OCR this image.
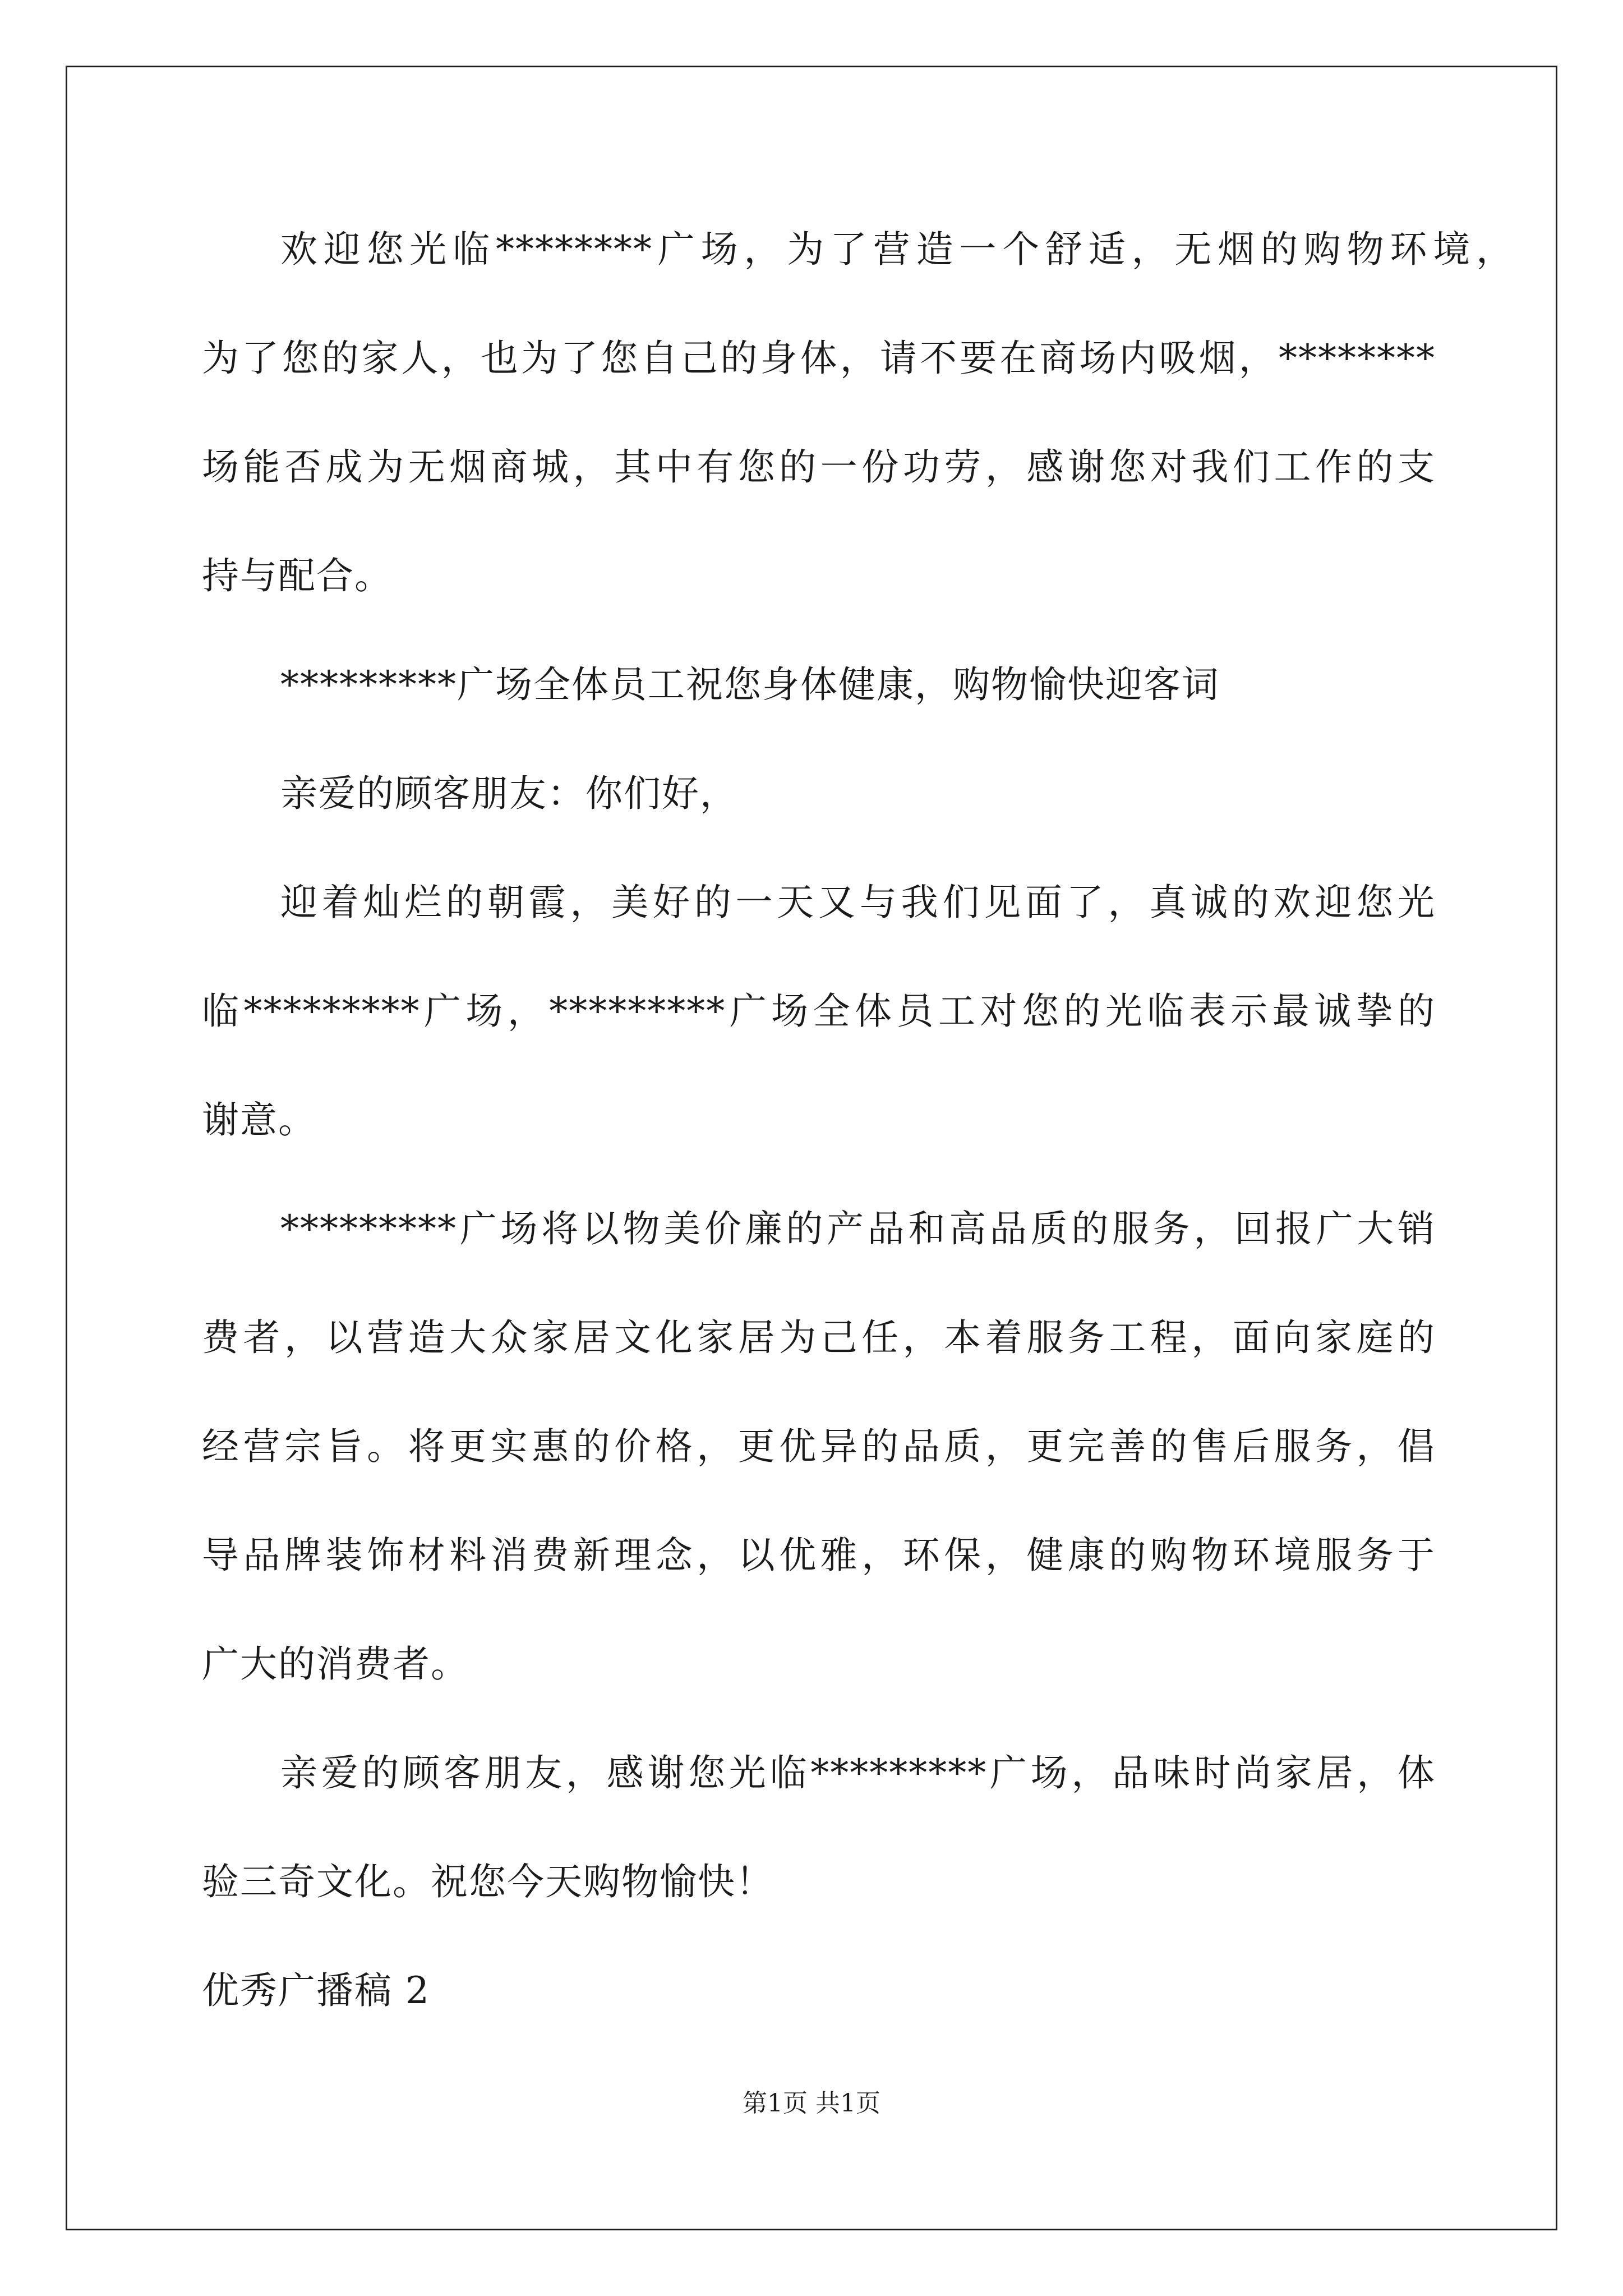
欢迎您光临********广场，为了营造一个舒适，无烟的购物环境，
为了您的家人，也为了您自己的身体，请不要在商场内吸烟，********
场能否成为无烟商城，其中有您的一份功劳，感谢您对我们工作的支
持与配合。
*********广场全体员工祝您身体健康，购物愉快迎客词
亲爱的顾客朋友：你们好，
迎着灿烂的朝霞，美好的一天又与我们见面了，真诚的欢迎您光
临*********广场，*********广场全体员工对您的光临表示最诚挚的
谢意。
*********广场将以物美价廉的产品和高品质的服务，回报广大销
费者，以营造大众家居文化家居为己任，本着服务工程，面向家庭的
经营宗旨。将更实惠的价格，更优异的品质，更完善的售后服务，倡
导品牌装饰材料消费新理念，以优雅，环保，健康的购物环境服务于
广大的消费者。
亲爱的顾客朋友，感谢您光临*********广场，品味时尚家居，体
验三奇文化。祝您今天购物愉快！
优秀广播稿 2
第1页 共1页
